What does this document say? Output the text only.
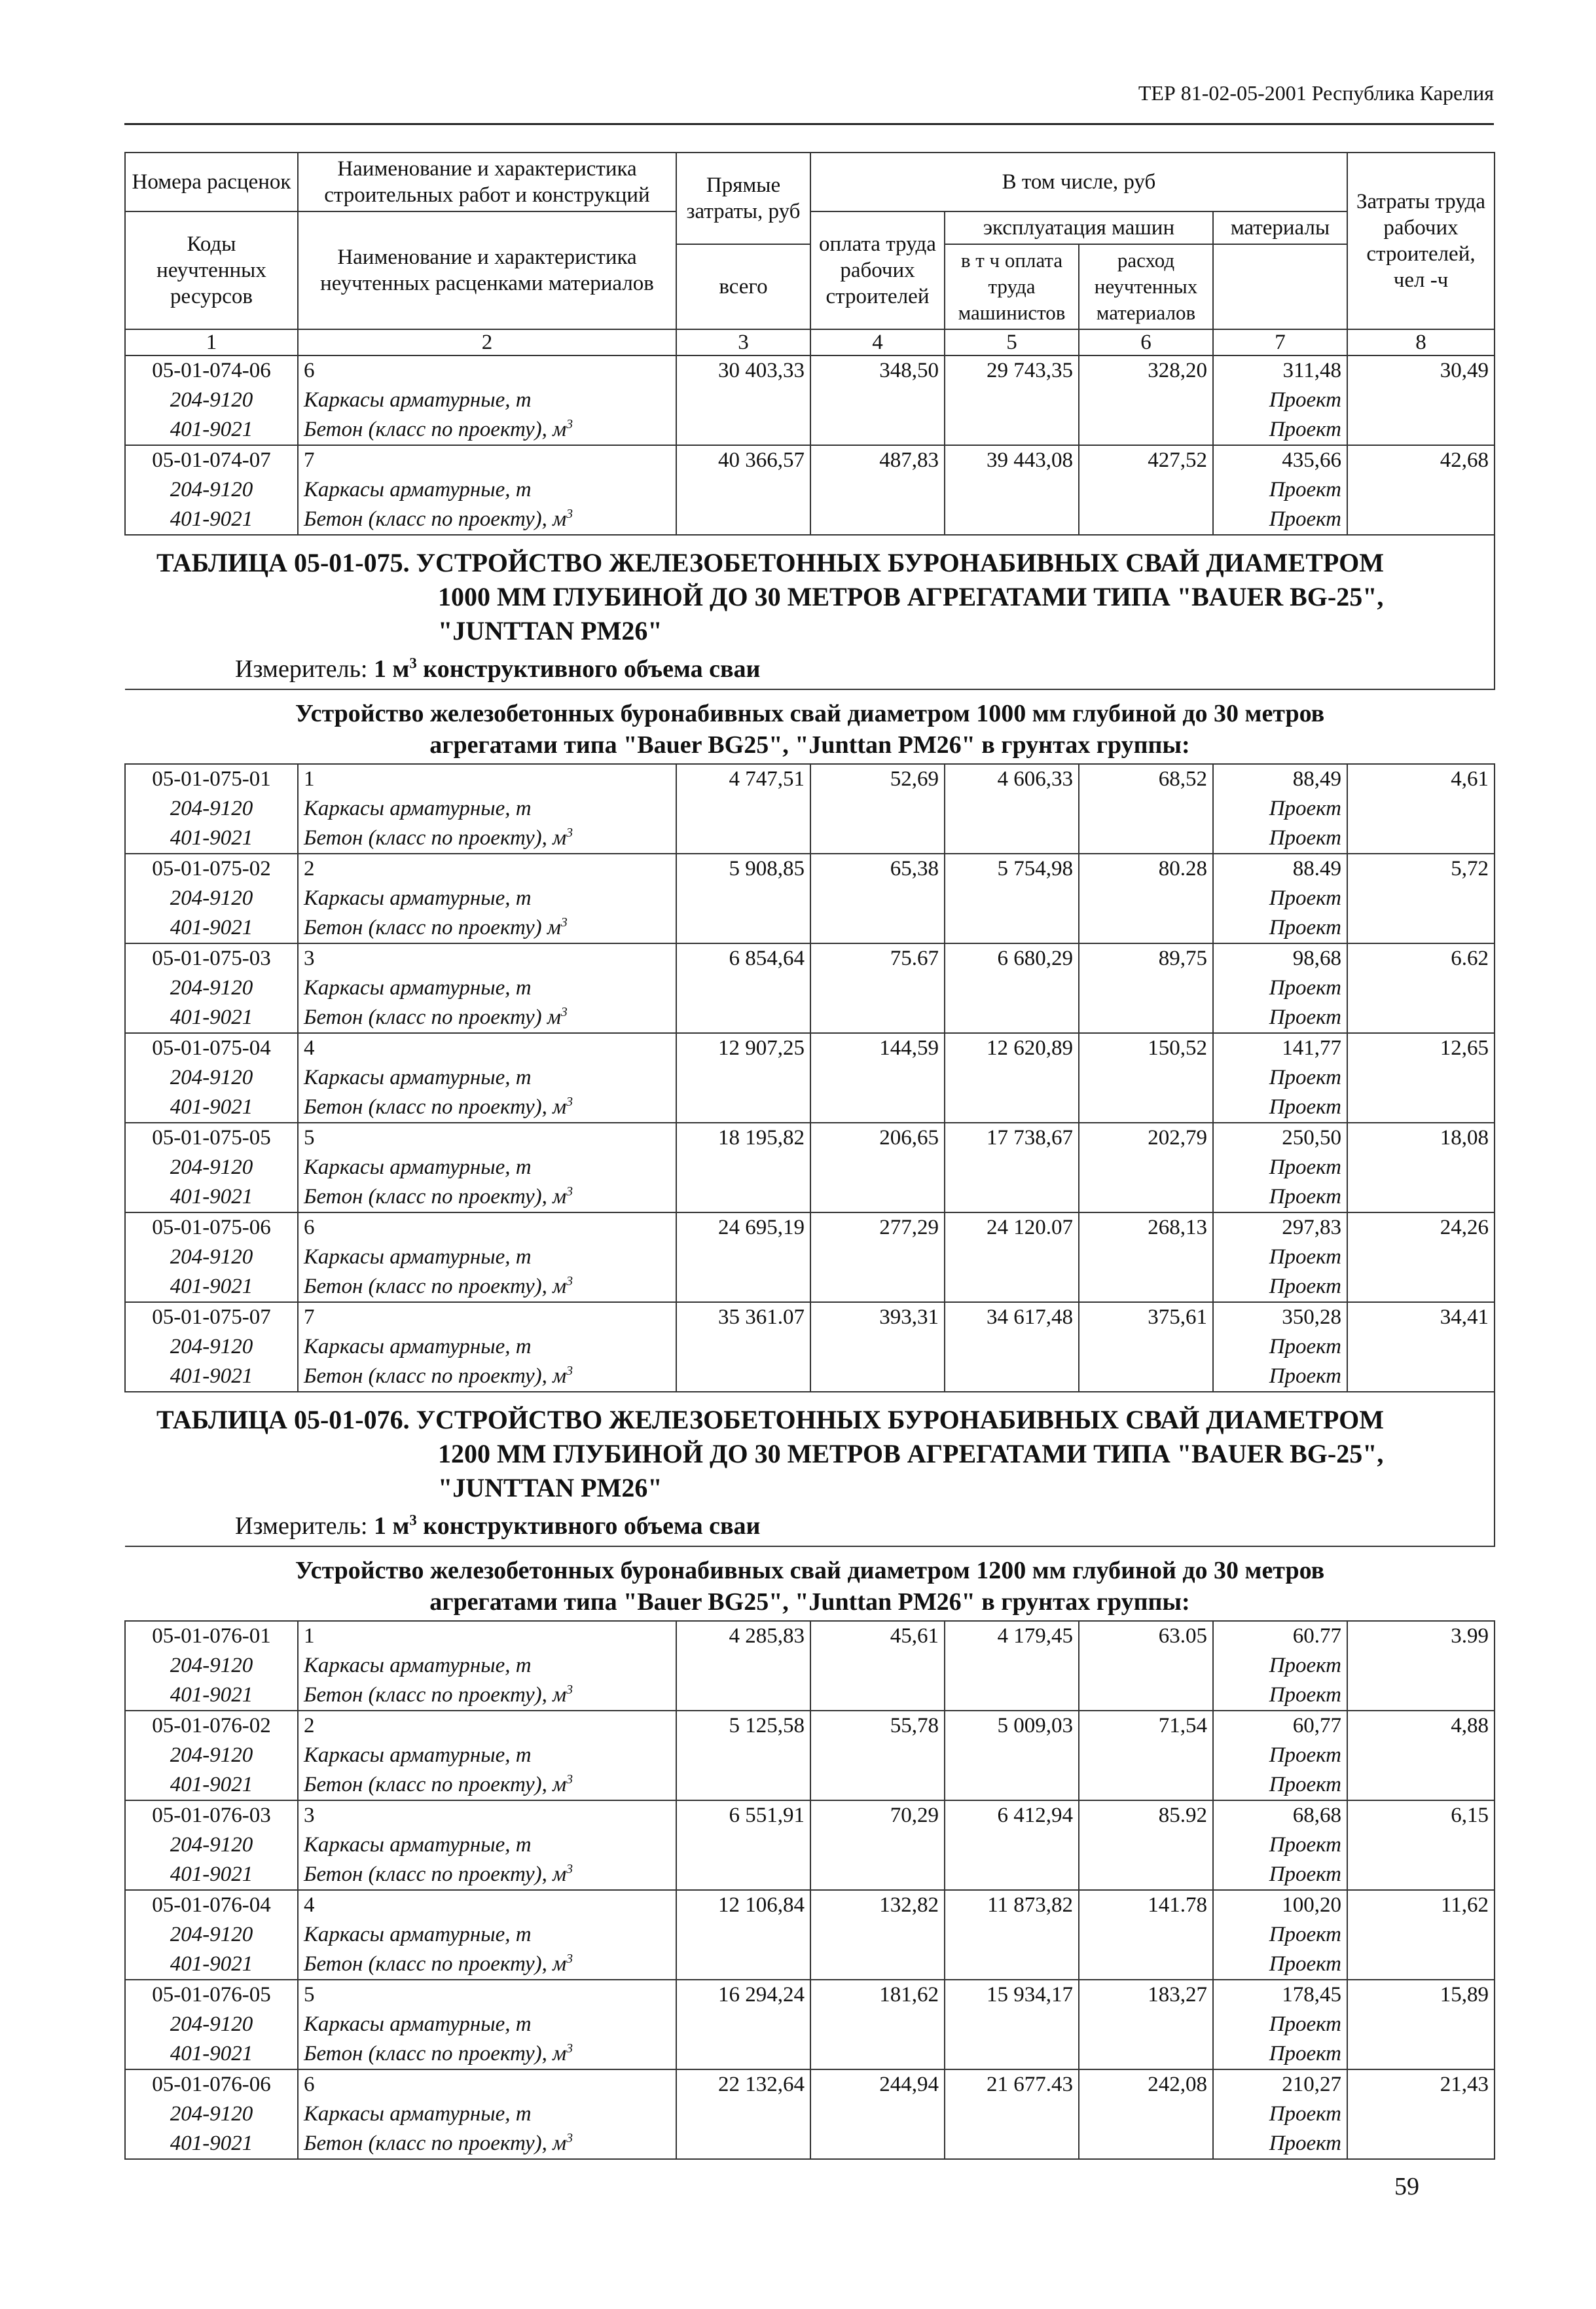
ТЕР 81-02-05-2001 Республика Карелия
Номера расценок	Наименование и характеристика строительных работ и конструкций	Прямые затраты, руб	В том числе, руб				Затраты труда рабочих строителей, чел -ч
Коды неучтенных ресурсов	Наименование и характеристика неучтенных расценками материалов		оплата труда рабочих строителей	эксплуатация машин		материалы	
		всего		в т ч оплата труда машинистов	расход неучтенных материалов		
1	2	3	4	5	6	7	8
05-01-074-06	6	30 403,33	348,50	29 743,35	328,20	311,48	30,49
204-9120	Каркасы арматурные, т					Проект	
401-9021	Бетон (класс по проекту), $м^3$					Проект	
05-01-074-07	7	40 366,57	487,83	39 443,08	427,52	435,66	42,68
204-9120	Каркасы арматурные, т					Проект	
401-9021	Бетон (класс по проекту), $м^3$					Проект	

ТАБЛИЦА 05-01-075. УСТРОЙСТВО ЖЕЛЕЗОБЕТОННЫХ БУРОНАБИВНЫХ СВАЙ ДИАМЕТРОМ
1000 ММ ГЛУБИНОЙ ДО 30 МЕТРОВ АГРЕГАТАМИ ТИПА "BAUER BG-25",
"JUNTTAN PM26"
Измеритель: 1 $м^3$ конструктивного объема сваи							

Устройство железобетонных буронабивных свай диаметром 1000 мм глубиной до 30 метров
агрегатами типа "Bauer BG25", "Junttan PM26" в грунтах группы:							

05-01-075-01	1	4 747,51	52,69	4 606,33	68,52	88,49	4,61
204-9120	Каркасы арматурные, т					Проект	
401-9021	Бетон (класс по проекту), $м^3$					Проект	
05-01-075-02	2	5 908,85	65,38	5 754,98	80.28	88.49	5,72
204-9120	Каркасы арматурные, т					Проект	
401-9021	Бетон (класс по проекту) $м^3$					Проект	
05-01-075-03	3	6 854,64	75.67	6 680,29	89,75	98,68	6.62
204-9120	Каркасы арматурные, т					Проект	
401-9021	Бетон (класс по проекту) $м^3$					Проект	
05-01-075-04	4	12 907,25	144,59	12 620,89	150,52	141,77	12,65
204-9120	Каркасы арматурные, т					Проект	
401-9021	Бетон (класс по проекту), $м^3$					Проект	
05-01-075-05	5	18 195,82	206,65	17 738,67	202,79	250,50	18,08
204-9120	Каркасы арматурные, т					Проект	
401-9021	Бетон (класс по проекту), $м^3$					Проект	
05-01-075-06	6	24 695,19	277,29	24 120.07	268,13	297,83	24,26
204-9120	Каркасы арматурные, т					Проект	
401-9021	Бетон (класс по проекту), $м^3$					Проект	
05-01-075-07	7	35 361.07	393,31	34 617,48	375,61	350,28	34,41
204-9120	Каркасы арматурные, т					Проект	
401-9021	Бетон (класс по проекту), $м^3$					Проект	

ТАБЛИЦА 05-01-076. УСТРОЙСТВО ЖЕЛЕЗОБЕТОННЫХ БУРОНАБИВНЫХ СВАЙ ДИАМЕТРОМ
1200 ММ ГЛУБИНОЙ ДО 30 МЕТРОВ АГРЕГАТАМИ ТИПА "BAUER BG-25",
"JUNTTAN PM26"
Измеритель: 1 $м^3$ конструктивного объема сваи							

Устройство железобетонных буронабивных свай диаметром 1200 мм глубиной до 30 метров
агрегатами типа "Bauer BG25", "Junttan PM26" в грунтах группы:							

05-01-076-01	1	4 285,83	45,61	4 179,45	63.05	60.77	3.99
204-9120	Каркасы арматурные, т					Проект	
401-9021	Бетон (класс по проекту), $м^3$					Проект	
05-01-076-02	2	5 125,58	55,78	5 009,03	71,54	60,77	4,88
204-9120	Каркасы арматурные, т					Проект	
401-9021	Бетон (класс по проекту), $м^3$					Проект	
05-01-076-03	3	6 551,91	70,29	6 412,94	85.92	68,68	6,15
204-9120	Каркасы арматурные, т					Проект	
401-9021	Бетон (класс по проекту), $м^3$					Проект	
05-01-076-04	4	12 106,84	132,82	11 873,82	141.78	100,20	11,62
204-9120	Каркасы арматурные, т					Проект	
401-9021	Бетон (класс по проекту), $м^3$					Проект	
05-01-076-05	5	16 294,24	181,62	15 934,17	183,27	178,45	15,89
204-9120	Каркасы арматурные, т					Проект	
401-9021	Бетон (класс по проекту), $м^3$					Проект	
05-01-076-06	6	22 132,64	244,94	21 677.43	242,08	210,27	21,43
204-9120	Каркасы арматурные, т					Проект	
401-9021	Бетон (класс по проекту), $м^3$					Проект	
59
